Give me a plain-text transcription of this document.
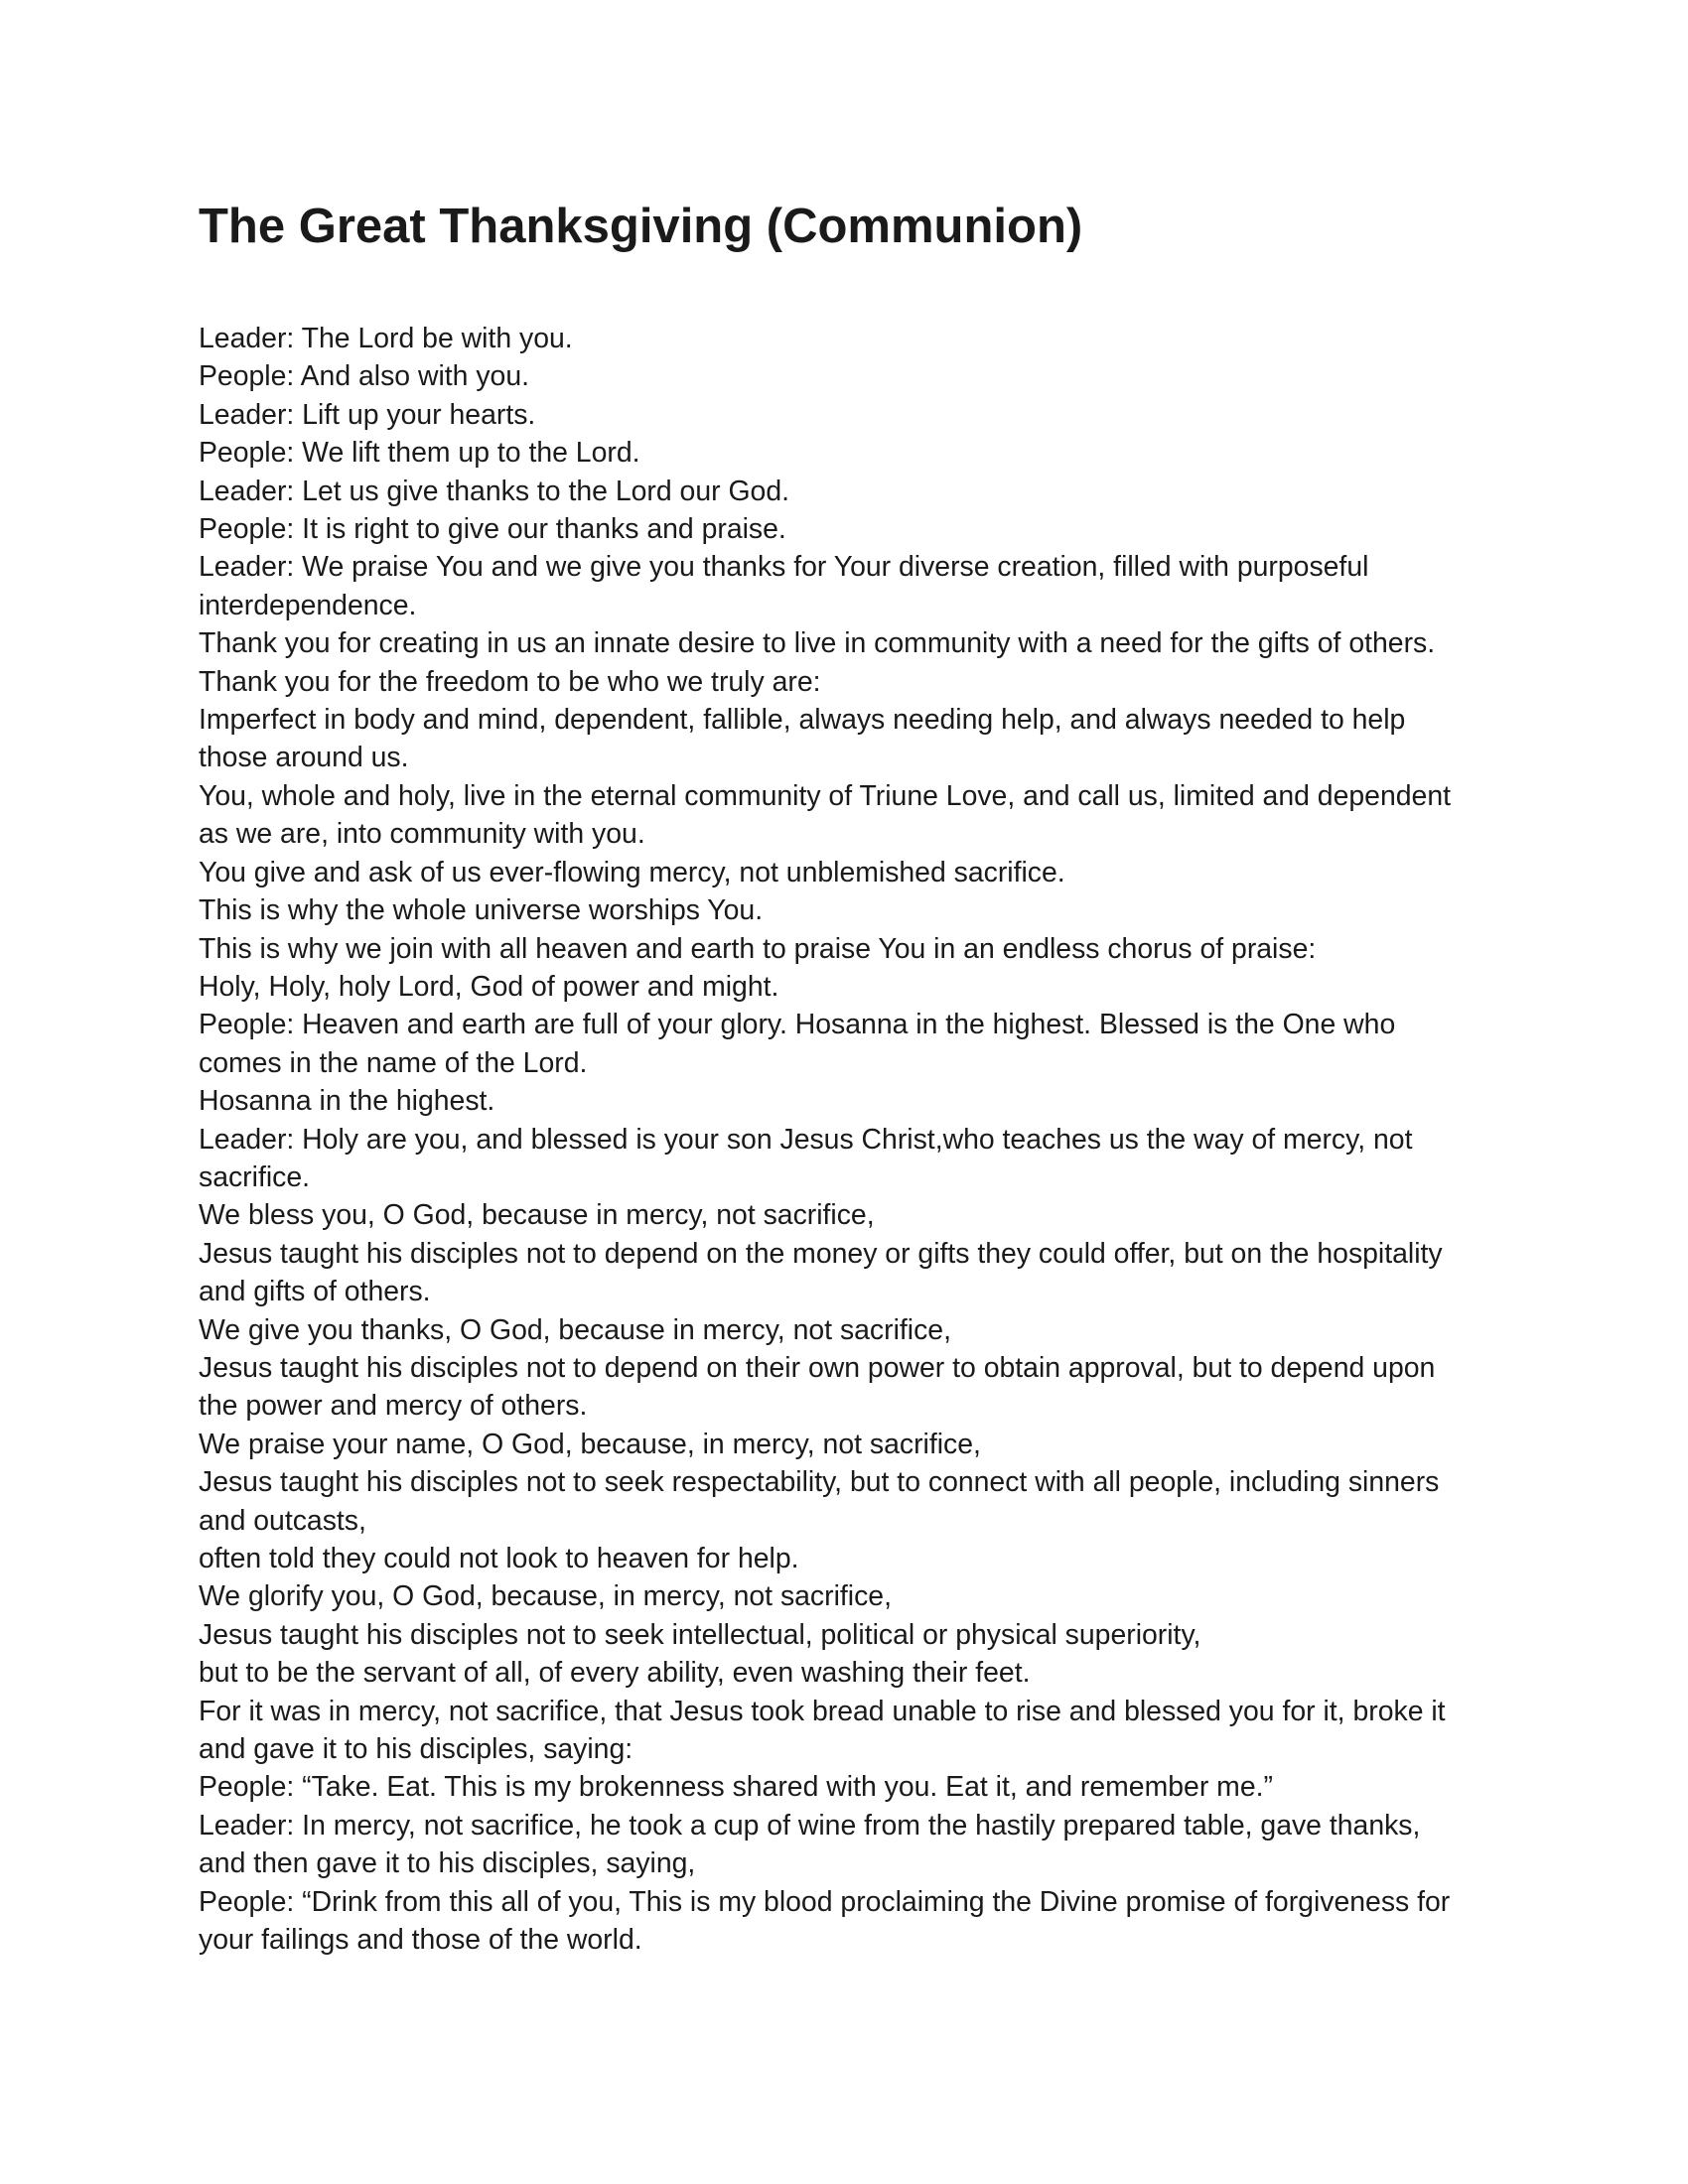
The Great Thanksgiving (Communion)
Leader: The Lord be with you.
People: And also with you.
Leader: Lift up your hearts.
People: We lift them up to the Lord.
Leader: Let us give thanks to the Lord our God.
People: It is right to give our thanks and praise.
Leader: We praise You and we give you thanks for Your diverse creation, filled with purposeful
interdependence.
Thank you for creating in us an innate desire to live in community with a need for the gifts of others.
Thank you for the freedom to be who we truly are:
Imperfect in body and mind, dependent, fallible, always needing help, and always needed to help
those around us.
You, whole and holy, live in the eternal community of Triune Love, and call us, limited and dependent
as we are, into community with you.
You give and ask of us ever-flowing mercy, not unblemished sacrifice.
This is why the whole universe worships You.
This is why we join with all heaven and earth to praise You in an endless chorus of praise:
Holy, Holy, holy Lord, God of power and might.
People: Heaven and earth are full of your glory. Hosanna in the highest. Blessed is the One who
comes in the name of the Lord.
Hosanna in the highest.
Leader: Holy are you, and blessed is your son Jesus Christ,who teaches us the way of mercy, not
sacrifice.
We bless you, O God, because in mercy, not sacrifice,
Jesus taught his disciples not to depend on the money or gifts they could offer, but on the hospitality
and gifts of others.
We give you thanks, O God, because in mercy, not sacrifice,
Jesus taught his disciples not to depend on their own power to obtain approval, but to depend upon
the power and mercy of others.
We praise your name, O God, because, in mercy, not sacrifice,
Jesus taught his disciples not to seek respectability, but to connect with all people, including sinners
and outcasts,
often told they could not look to heaven for help.
We glorify you, O God, because, in mercy, not sacrifice,
Jesus taught his disciples not to seek intellectual, political or physical superiority,
but to be the servant of all, of every ability, even washing their feet.
For it was in mercy, not sacrifice, that Jesus took bread unable to rise and blessed you for it, broke it
and gave it to his disciples, saying:
People: “Take. Eat. This is my brokenness shared with you. Eat it, and remember me.”
Leader: In mercy, not sacrifice, he took a cup of wine from the hastily prepared table, gave thanks,
and then gave it to his disciples, saying,
People: “Drink from this all of you, This is my blood proclaiming the Divine promise of forgiveness for
your failings and those of the world.
